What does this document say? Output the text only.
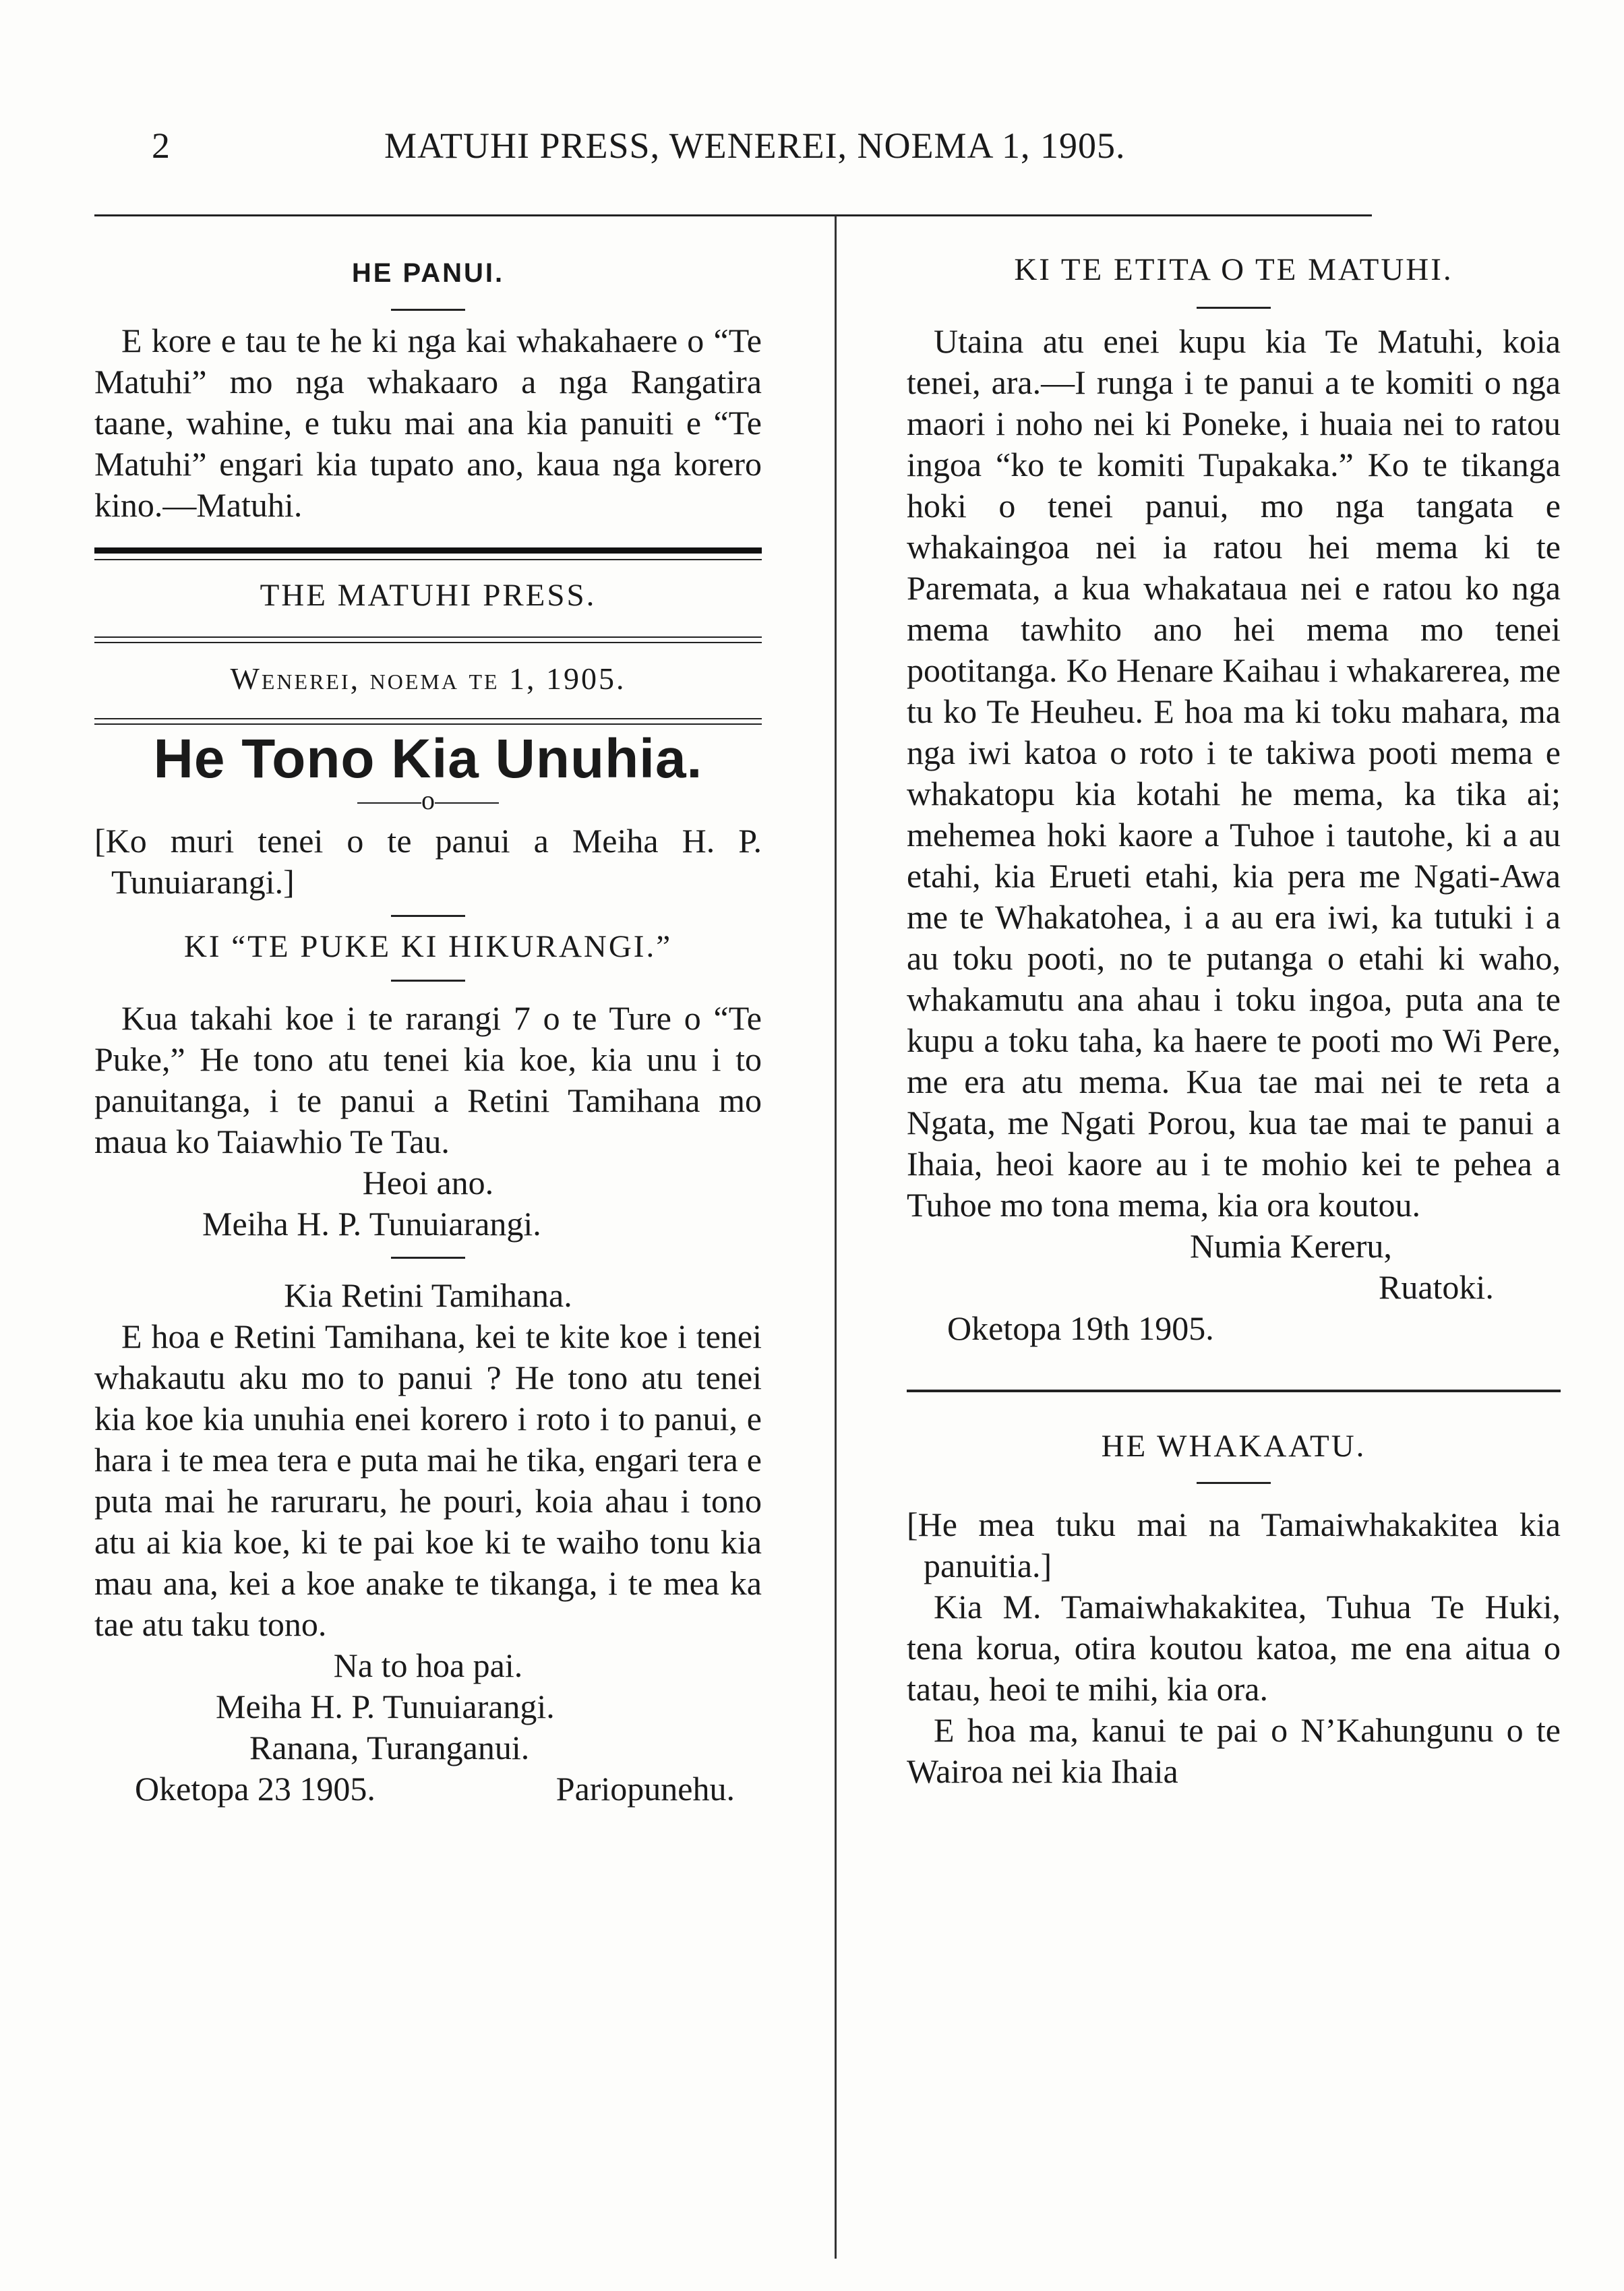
2	MATUHI PRESS, WENEREI, NOEMA 1, 1905.
HE PANUI.

E kore e tau te he ki nga kai whakahaere o “Te Matuhi” mo nga whakaaro a nga Rangatira taane, wahine, e tuku mai ana kia panuiti e “Te Matuhi” engari kia tupato ano, kaua nga korero kino.—Matuhi.

THE MATUHI PRESS.
Wenerei, noema te 1, 1905.
He Tono Kia Unuhia.
o

[Ko muri tenei o te panui a Meiha H. P. Tunuiarangi.]

KI “TE PUKE KI HIKURANGI.”

Kua takahi koe i te rarangi 7 o te Ture o “Te Puke,” He tono atu tenei kia koe, kia unu i to panuitanga, i te panui a Retini Tamihana mo maua ko Taiawhio Te Tau.

Heoi ano.
Meiha H. P. Tunuiarangi.
Kia Retini Tamihana.

E hoa e Retini Tamihana, kei te kite koe i tenei whakautu aku mo to panui ? He tono atu tenei kia koe kia unuhia enei korero i roto i to panui, e hara i te mea tera e puta mai he tika, engari tera e puta mai he raruraru, he pouri, koia ahau i tono atu ai kia koe, ki te pai koe ki te waiho tonu kia mau ana, kei a koe anake te tikanga, i te mea ka tae atu taku tono.

Na to hoa pai.
Meiha H. P. Tunuiarangi.
Ranana, Turanganui.
Oketopa 23 1905.	Pariopunehu.
KI TE ETITA O TE MATUHI.

Utaina atu enei kupu kia Te Matuhi, koia tenei, ara.—I runga i te panui a te komiti o nga maori i noho nei ki Poneke, i huaia nei to ratou ingoa “ko te komiti Tupakaka.” Ko te tikanga hoki o tenei panui, mo nga tangata e whakaingoa nei ia ratou hei mema ki te Paremata, a kua whakataua nei e ratou ko nga mema tawhito ano hei mema mo tenei pootitanga. Ko Henare Kaihau i whakarerea, me tu ko Te Heuheu. E hoa ma ki toku mahara, ma nga iwi katoa o roto i te takiwa pooti mema e whakatopu kia kotahi he mema, ka tika ai; mehemea hoki kaore a Tuhoe i tautohe, ki a au etahi, kia Erueti etahi, kia pera me Ngati-Awa me te Whakatohea, i a au era iwi, ka tutuki i a au toku pooti, no te putanga o etahi ki waho, whakamutu ana ahau i toku ingoa, puta ana te kupu a toku taha, ka haere te pooti mo Wi Pere, me era atu mema. Kua tae mai nei te reta a Ngata, me Ngati Porou, kua tae mai te panui a Ihaia, heoi kaore au i te mohio kei te pehea a Tuhoe mo tona mema, kia ora koutou.

Numia Kereru,
Ruatoki.
Oketopa 19th 1905.
HE WHAKAATU.

[He mea tuku mai na Tamaiwhakakitea kia panuitia.]

Kia M. Tamaiwhakakitea, Tuhua Te Huki, tena korua, otira koutou katoa, me ena aitua o tatau, heoi te mihi, kia ora.

E hoa ma, kanui te pai o N’Kahungunu o te Wairoa nei kia Ihaia
